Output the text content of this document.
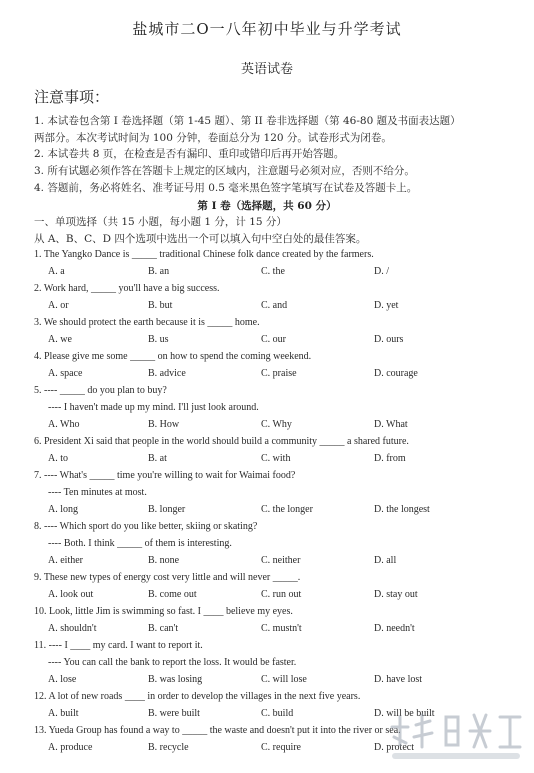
盐城市二O一八年初中毕业与升学考试
英语试卷
注意事项：
1. 本试卷包含第 I 卷选择题（第 1-45 题）、第 II 卷非选择题（第 46-80 题及书面表达题）
两部分。本次考试时间为 100 分钟，卷面总分为 120 分。试卷形式为闭卷。
2. 本试卷共 8 页，在检查是否有漏印、重印或错印后再开始答题。
3. 所有试题必须作答在答题卡上规定的区域内，注意题号必须对应，否则不给分。
4. 答题前，务必将姓名、准考证号用 0.5 毫米黑色签字笔填写在试卷及答题卡上。
第 I 卷（选择题，共 60 分）
一、单项选择（共 15 小题，每小题 1 分，计 15 分）
从 A、B、C、D 四个选项中选出一个可以填入句中空白处的最佳答案。
1. The Yangko Dance is _____ traditional Chinese folk dance created by the farmers.
A. a	B. an	C. the	D. /
2. Work hard, _____ you'll have a big success.
A. or	B. but	C. and	D. yet
3. We should protect the earth because it is _____ home.
A. we	B. us	C. our	D. ours
4. Please give me some _____ on how to spend the coming weekend.
A. space	B. advice	C. praise	D. courage
5. ---- _____ do you plan to buy?
---- I haven't made up my mind. I'll just look around.
A. Who	B. How	C. Why	D. What
6. President Xi said that people in the world should build a community _____ a shared future.
A. to	B. at	C. with	D. from
7. ---- What's _____ time you're willing to wait for Waimai food?
---- Ten minutes at most.
A. long	B. longer	C. the longer	D. the longest
8. ---- Which sport do you like better, skiing or skating?
---- Both. I think _____ of them is interesting.
A. either	B. none	C. neither	D. all
9. These new types of energy cost very little and will never _____.
A. look out	B. come out	C. run out	D. stay out
10. Look, little Jim is swimming so fast. I ____ believe my eyes.
A. shouldn't	B. can't	C. mustn't	D. needn't
11. ---- I ____ my card. I want to report it.
---- You can call the bank to report the loss. It would be faster.
A. lose	B. was losing	C. will lose	D. have lost
12. A lot of new roads ____ in order to develop the villages in the next five years.
A. built	B. were built	C. build	D. will be built
13. Yueda Group has found a way to _____ the waste and doesn't put it into the river or sea.
A. produce	B. recycle	C. require	D. protect
